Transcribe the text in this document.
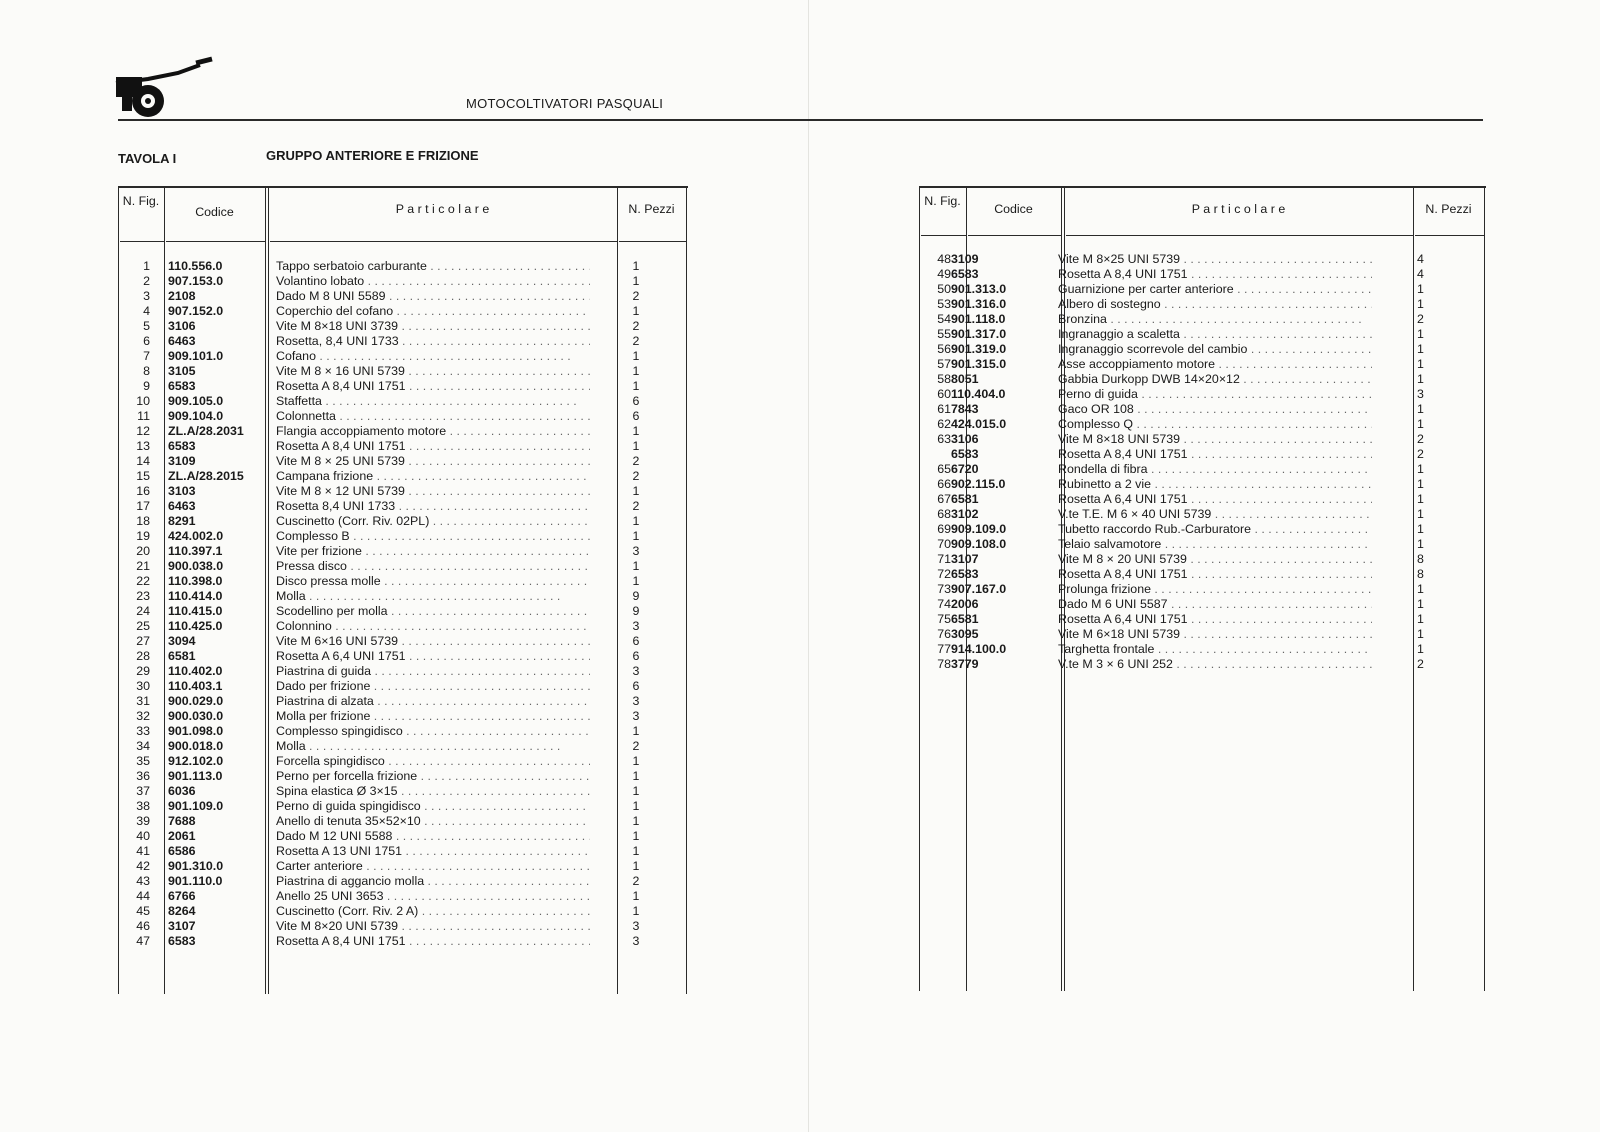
MOTOCOLTIVATORI PASQUALI
TAVOLA I	GRUPPO ANTERIORE E FRIZIONE
N. Fig.
Codice	P a r t i c o l a r e	N. Pezzi
1 110.556.0	Tappo serbatoio carburante . . .	1
2 907.153.0	Volantino lobato . . .	1
3 2108	Dado M 8 UNI 5589 . . .	2
4 907.152.0	Coperchio del cofano . . .	1
5 3106	Vite M 8×18 UNI 3739 . . .	2
6 6463	Rosetta, 8,4 UNI 1733 . . .	2
7 909.101.0	Cofano . . .	1
8 3105	Vite M 8 × 16 UNI 5739 . . .	1
9 6583	Rosetta A 8,4 UNI 1751 . . .	1
10 909.105.0	Staffetta . . .	6
11 909.104.0	Colonnetta . . .	6
12 ZL.A/28.2031	Flangia accoppiamento motore . . .	1
13 6583	Rosetta A 8,4 UNI 1751 . . .	1
14 3109	Vite M 8 × 25 UNI 5739 . . .	2
15 ZL.A/28.2015	Campana frizione . . .	2
16 3103	Vite M 8 × 12 UNI 5739 . . .	1
17 6463	Rosetta 8,4 UNI 1733 . . .	2
18 8291	Cuscinetto (Corr. Riv. 02PL) . . .	1
19 424.002.0	Complesso B . . .	1
20 110.397.1	Vite per frizione . . .	3
21 900.038.0	Pressa disco . . .	1
22 110.398.0	Disco pressa molle . . .	1
23 110.414.0	Molla . . .	9
24 110.415.0	Scodellino per molla . . .	9
25 110.425.0	Colonnino . . .	3
27 3094	Vite M 6×16 UNI 5739 . . .	6
28 6581	Rosetta A 6,4 UNI 1751 . . .	6
29 110.402.0	Piastrina di guida . . .	3
30 110.403.1	Dado per frizione . . .	6
31 900.029.0	Piastrina di alzata . . .	3
32 900.030.0	Molla per frizione . . .	3
33 901.098.0	Complesso spingidisco . . .	1
34 900.018.0	Molla . . .	2
35 912.102.0	Forcella spingidisco . . .	1
36 901.113.0	Perno per forcella frizione . . .	1
37 6036	Spina elastica Ø 3×15 . . .	1
38 901.109.0	Perno di guida spingidisco . . .	1
39 7688	Anello di tenuta 35×52×10 . . .	1
40 2061	Dado M 12 UNI 5588 . . .	1
41 6586	Rosetta A 13 UNI 1751 . . .	1
42 901.310.0	Carter anteriore . . .	1
43 901.110.0	Piastrina di aggancio molla . . .	2
44 6766	Anello 25 UNI 3653 . . .	1
45 8264	Cuscinetto (Corr. Riv. 2 A) . . .	1
46 3107	Vite M 8×20 UNI 5739 . . .	3
47 6583	Rosetta A 8,4 UNI 1751 . . .	3
N. Fig.
Codice	P a r t i c o l a r e	N. Pezzi
48 3109	Vite M 8×25 UNI 5739 . . .	4
49 6583	Rosetta A 8,4 UNI 1751 . . .	4
50 901.313.0	Guarnizione per carter anteriore . . .	1
53 901.316.0	Albero di sostegno . . .	1
54 901.118.0	Bronzina . . .	2
55 901.317.0	Ingranaggio a scaletta . . .	1
56 901.319.0	Ingranaggio scorrevole del cambio . . .	1
57 901.315.0	Asse accoppiamento motore . . .	1
58 8051	Gabbia Durkopp DWB 14×20×12 . . .	1
60 110.404.0	Perno di guida . . .	3
61 7843	Gaco OR 108 . . .	1
62 424.015.0	Complesso Q . . .	1
63 3106	Vite M 8×18 UNI 5739 . . .	2
6583	Rosetta A 8,4 UNI 1751 . . .	2
65 6720	Rondella di fibra . . .	1
66 902.115.0	Rubinetto a 2 vie . . .	1
67 6581	Rosetta A 6,4 UNI 1751 . . .	1
68 3102	V.te T.E. M 6 × 40 UNI 5739 . . .	1
69 909.109.0	Tubetto raccordo Rub.-Carburatore . . .	1
70 909.108.0	Telaio salvamotore . . .	1
71 3107	Vite M 8 × 20 UNI 5739 . . .	8
72 6583	Rosetta A 8,4 UNI 1751 . . .	8
73 907.167.0	Prolunga frizione . . .	1
74 2006	Dado M 6 UNI 5587 . . .	1
75 6581	Rosetta A 6,4 UNI 1751 . . .	1
76 3095	Vite M 6×18 UNI 5739 . . .	1
77 914.100.0	Targhetta frontale . . .	1
78 3779	V.te M 3 × 6 UNI 252 . . .	2
